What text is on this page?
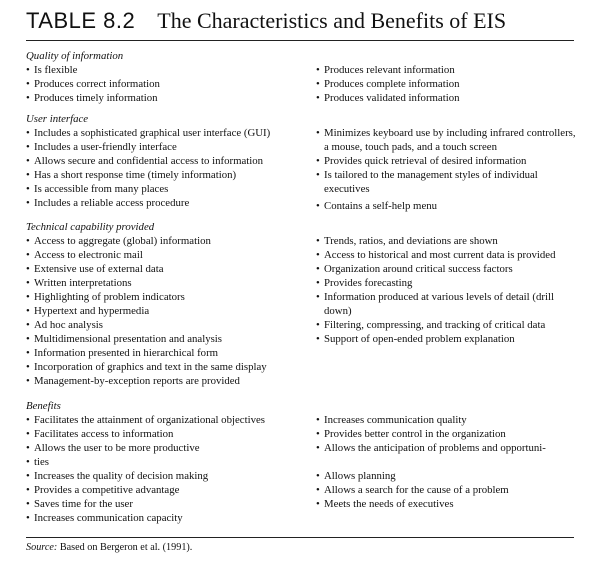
TABLE 8.2 The Characteristics and Benefits of EIS
Quality of information
• Is flexible
• Produces correct information
• Produces timely information
• Produces relevant information
• Produces complete information
• Produces validated information
User interface
• Includes a sophisticated graphical user interface (GUI)
• Includes a user-friendly interface
• Allows secure and confidential access to information
• Has a short response time (timely information)
• Is accessible from many places
• Includes a reliable access procedure
• Minimizes keyboard use by including infrared controllers, a mouse, touch pads, and a touch screen
• Provides quick retrieval of desired information
• Is tailored to the management styles of individual executives
• Contains a self-help menu
Technical capability provided
• Access to aggregate (global) information
• Access to electronic mail
• Extensive use of external data
• Written interpretations
• Highlighting of problem indicators
• Hypertext and hypermedia
• Ad hoc analysis
• Multidimensional presentation and analysis
• Information presented in hierarchical form
• Incorporation of graphics and text in the same display
• Management-by-exception reports are provided
• Trends, ratios, and deviations are shown
• Access to historical and most current data is provided
• Organization around critical success factors
• Provides forecasting
• Information produced at various levels of detail (drill down)
• Filtering, compressing, and tracking of critical data
• Support of open-ended problem explanation
Benefits
• Facilitates the attainment of organizational objectives
• Facilitates access to information
• Allows the user to be more productive
• ties
• Increases the quality of decision making
• Provides a competitive advantage
• Saves time for the user
• Increases communication capacity
• Increases communication quality
• Provides better control in the organization
• Allows the anticipation of problems and opportuni-
• Allows planning
• Allows a search for the cause of a problem
• Meets the needs of executives
Source: Based on Bergeron et al. (1991).
